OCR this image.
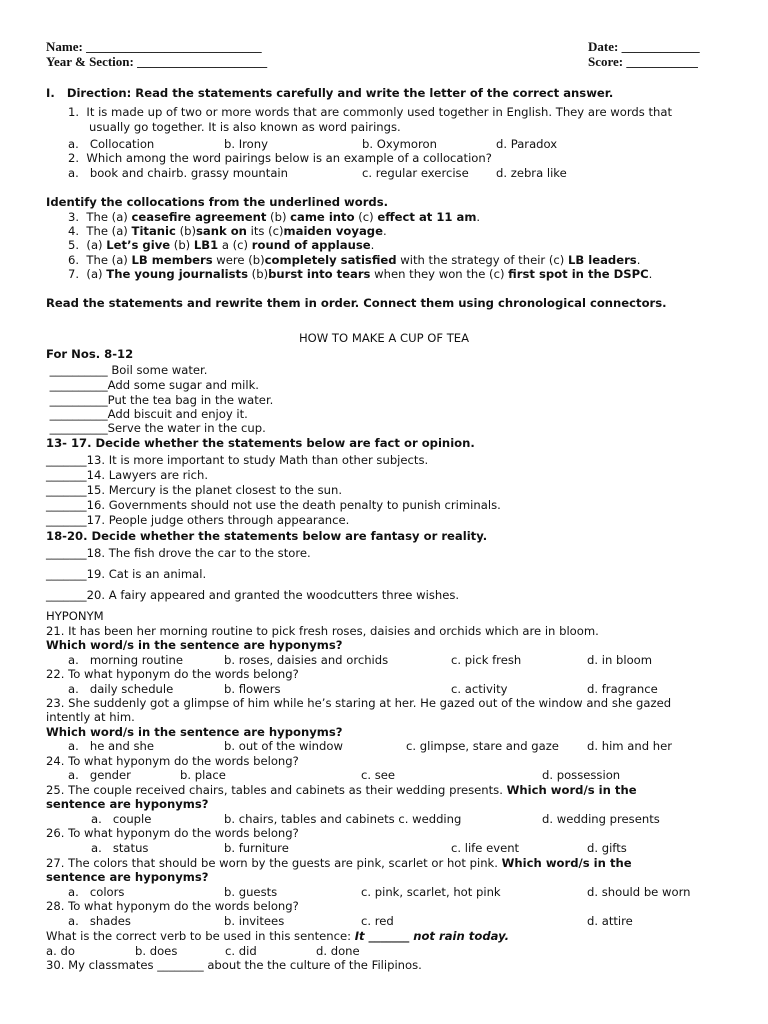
Name: ___________________________	Date: ____________
Year & Section: ____________________	Score: ___________
I.   Direction: Read the statements carefully and write the letter of the correct answer.
1.  It is made up of two or more words that are commonly used together in English. They are words that
usually go together. It is also known as word pairings.
a.   Collocation	b. Irony	b. Oxymoron	d. Paradox
2.  Which among the word pairings below is an example of a collocation?
a.   book and chairb. grassy mountain	c. regular exercise d. zebra like
Identify the collocations from the underlined words.
3.  The (a) ceasefire agreement (b) came into (c) effect at 11 am.
4.  The (a) Titanic (b)sank on its (c)maiden voyage.
5.  (a) Let’s give (b) LB1 a (c) round of applause.
6.  The (a) LB members were (b)completely satisfied with the strategy of their (c) LB leaders.
7.  (a) The young journalists (b)burst into tears when they won the (c) first spot in the DSPC.
Read the statements and rewrite them in order. Connect them using chronological connectors.
HOW TO MAKE A CUP OF TEA
For Nos. 8-12
__________ Boil some water.
__________Add some sugar and milk.
__________Put the tea bag in the water.
__________Add biscuit and enjoy it.
__________Serve the water in the cup.
13- 17. Decide whether the statements below are fact or opinion.
_______13. It is more important to study Math than other subjects.
_______14. Lawyers are rich.
_______15. Mercury is the planet closest to the sun.
_______16. Governments should not use the death penalty to punish criminals.
_______17. People judge others through appearance.
18-20. Decide whether the statements below are fantasy or reality.
_______18. The fish drove the car to the store.
_______19. Cat is an animal.
_______20. A fairy appeared and granted the woodcutters three wishes.
HYPONYM
21. It has been her morning routine to pick fresh roses, daisies and orchids which are in bloom.
Which word/s in the sentence are hyponyms?
a.   morning routine	b. roses, daisies and orchids	c. pick fresh	d. in bloom
22. To what hyponym do the words belong?
a.   daily schedule	b. flowers	c. activity	d. fragrance
23. She suddenly got a glimpse of him while he’s staring at her. He gazed out of the window and she gazed
intently at him.
Which word/s in the sentence are hyponyms?
a.   he and she	b. out of the window	c. glimpse, stare and gaze d. him and her
24. To what hyponym do the words belong?
a.   gender	b. place	c. see	d. possession
25. The couple received chairs, tables and cabinets as their wedding presents. Which word/s in the
sentence are hyponyms?
a.   couple	b. chairs, tables and cabinets c. wedding	d. wedding presents
26. To what hyponym do the words belong?
a.   status	b. furniture	c. life event	d. gifts
27. The colors that should be worn by the guests are pink, scarlet or hot pink. Which word/s in the
sentence are hyponyms?
a.   colors	b. guests	c. pink, scarlet, hot pink	d. should be worn
28. To what hyponym do the words belong?
a.   shades	b. invitees	c. red	d. attire
What is the correct verb to be used in this sentence: It _______ not rain today.
a. do	b. does	c. did	d. done
30. My classmates ________ about the the culture of the Filipinos.
